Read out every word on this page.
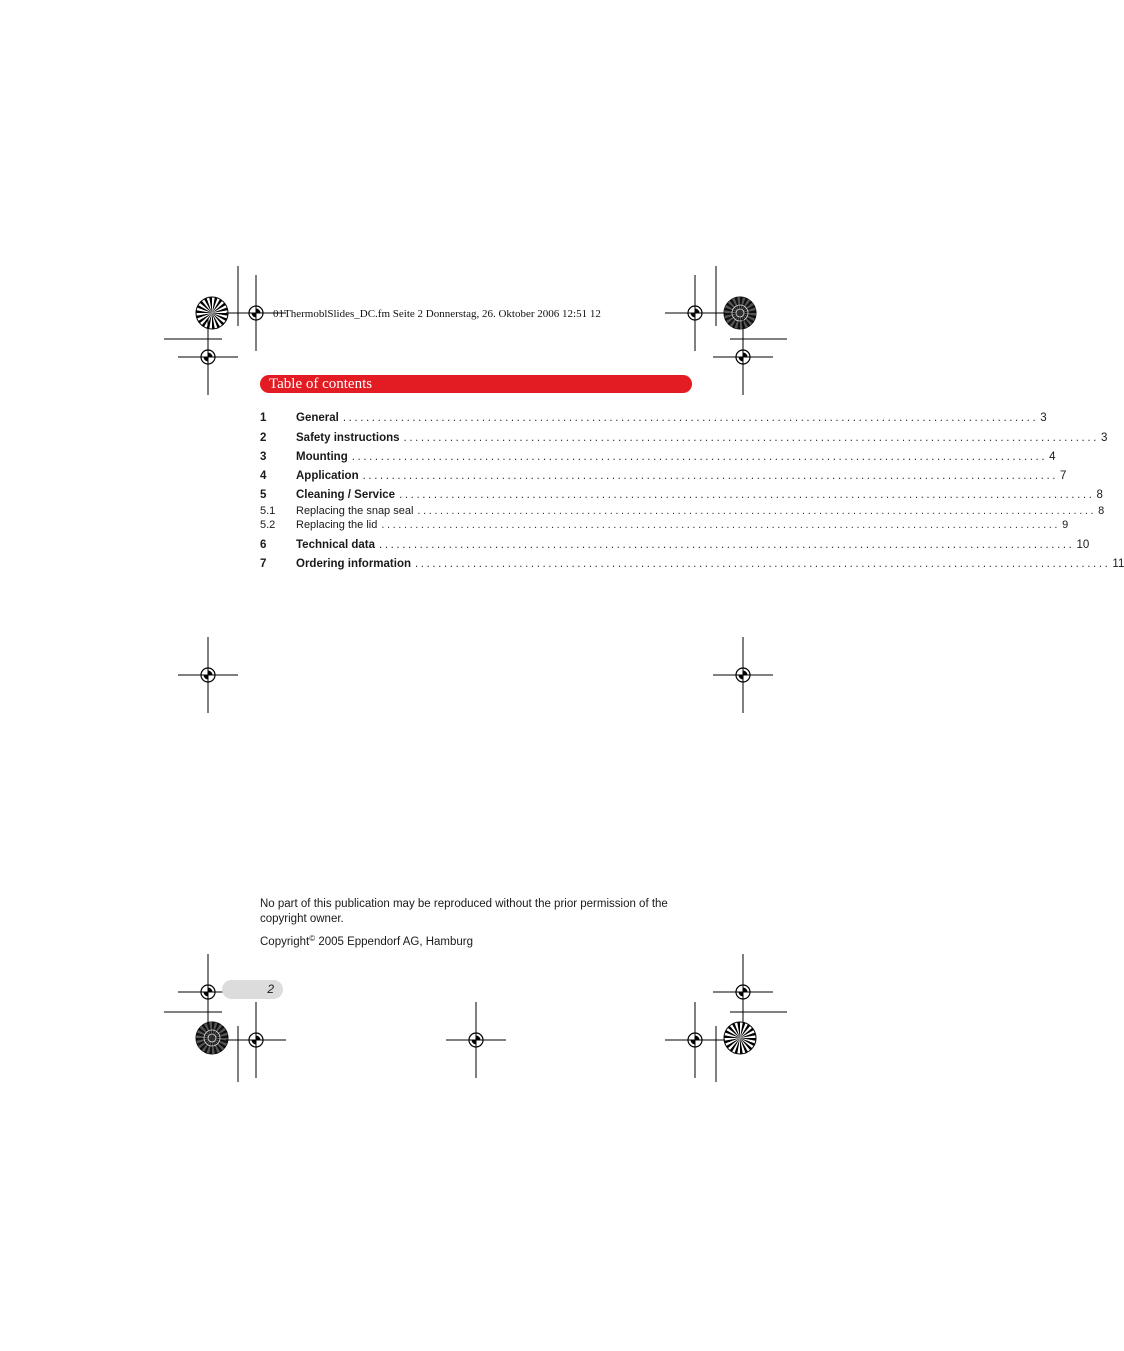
01ThermoblSlides_DC.fm Seite 2 Donnerstag, 26. Oktober 2006 12:51 12
Table of contents
1	General ........................................................................................................................ 3
2	Safety instructions ........................................................................................................................ 3
3	Mounting ........................................................................................................................ 4
4	Application ........................................................................................................................ 7
5	Cleaning / Service ........................................................................................................................ 8
5.1 Replacing the snap seal ........................................................................................................................ 8
5.2 Replacing the lid ........................................................................................................................ 9
6	Technical data ........................................................................................................................ 10
7	Ordering information ........................................................................................................................ 11
No part of this publication may be reproduced without the prior permission of the copyright owner.
Copyright© 2005 Eppendorf AG, Hamburg
2
